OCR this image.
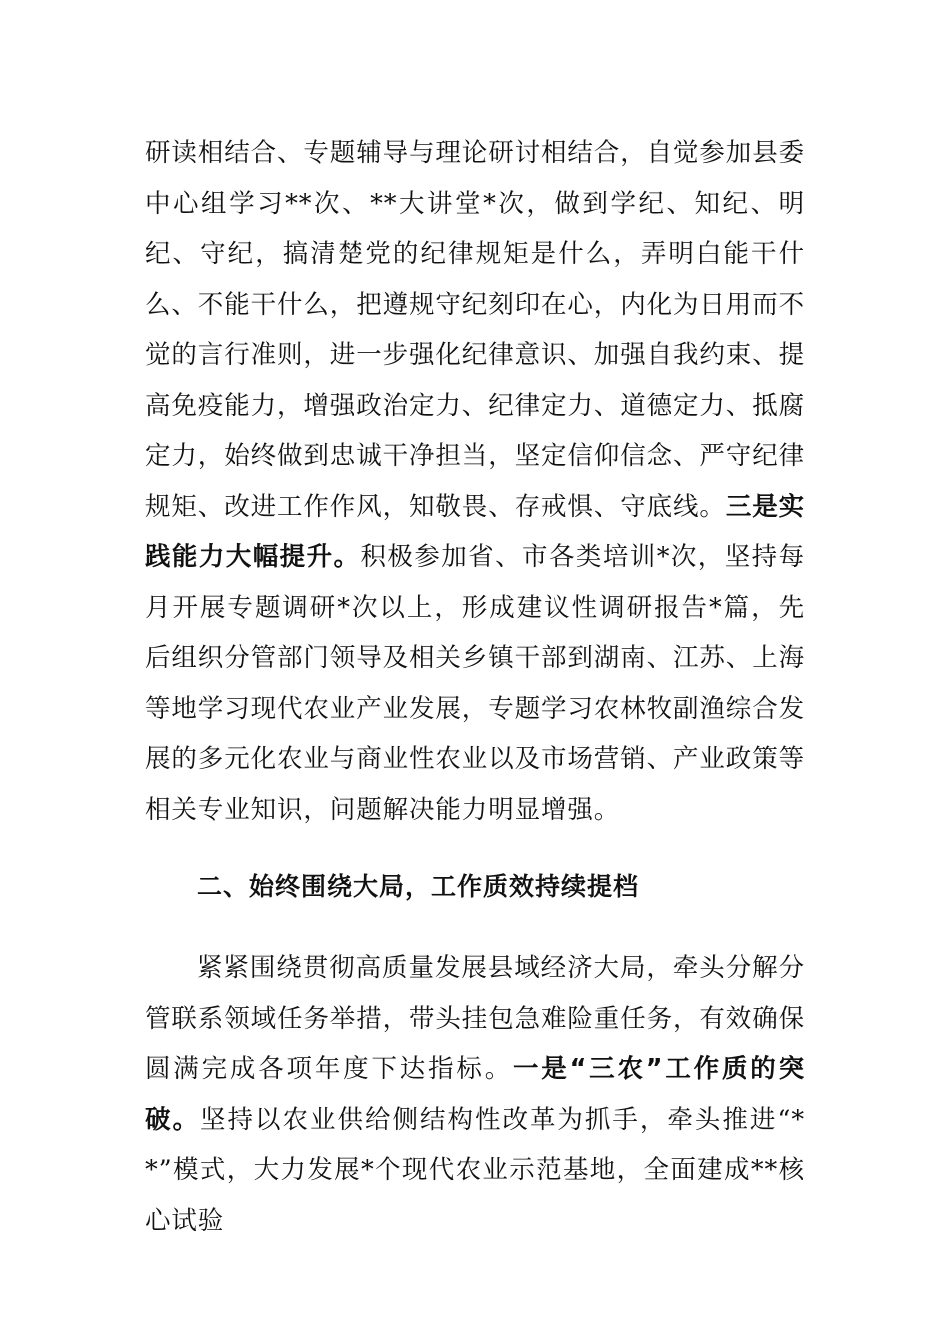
研读相结合、专题辅导与理论研讨相结合，自觉参加县委中心组学习**次、**大讲堂*次，做到学纪、知纪、明纪、守纪，搞清楚党的纪律规矩是什么，弄明白能干什么、不能干什么，把遵规守纪刻印在心，内化为日用而不觉的言行准则，进一步强化纪律意识、加强自我约束、提高免疫能力，增强政治定力、纪律定力、道德定力、抵腐定力，始终做到忠诚干净担当，坚定信仰信念、严守纪律规矩、改进工作作风，知敬畏、存戒惧、守底线。三是实践能力大幅提升。积极参加省、市各类培训*次，坚持每月开展专题调研*次以上，形成建议性调研报告*篇，先后组织分管部门领导及相关乡镇干部到湖南、江苏、上海等地学习现代农业产业发展，专题学习农林牧副渔综合发展的多元化农业与商业性农业以及市场营销、产业政策等相关专业知识，问题解决能力明显增强。

二、始终围绕大局，工作质效持续提档

紧紧围绕贯彻高质量发展县域经济大局，牵头分解分管联系领域任务举措，带头挂包急难险重任务，有效确保圆满完成各项年度下达指标。一是“三农”工作质的突破。坚持以农业供给侧结构性改革为抓手，牵头推进“**”模式，大力发展*个现代农业示范基地，全面建成**核心试验
